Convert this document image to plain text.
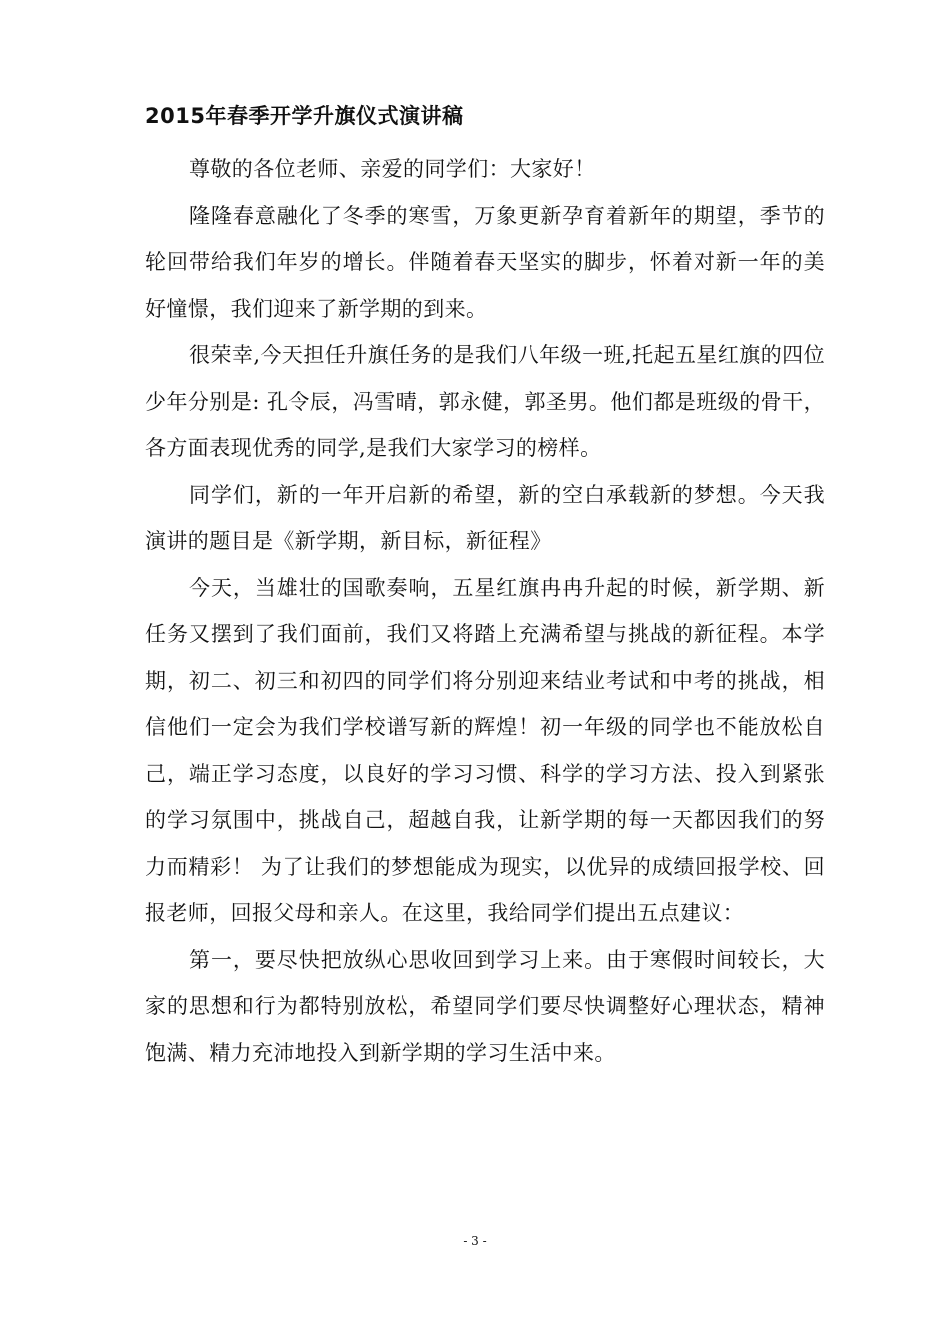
2015年春季开学升旗仪式演讲稿

尊敬的各位老师、亲爱的同学们：大家好！

隆隆春意融化了冬季的寒雪，万象更新孕育着新年的期望，季节的轮回带给我们年岁的增长。伴随着春天坚实的脚步，怀着对新一年的美好憧憬，我们迎来了新学期的到来。

很荣幸,今天担任升旗任务的是我们八年级一班,托起五星红旗的四位少年分别是: 孔令辰，冯雪晴，郭永健，郭圣男。他们都是班级的骨干，各方面表现优秀的同学,是我们大家学习的榜样。

同学们，新的一年开启新的希望，新的空白承载新的梦想。今天我演讲的题目是《新学期，新目标，新征程》

今天，当雄壮的国歌奏响，五星红旗冉冉升起的时候，新学期、新任务又摆到了我们面前，我们又将踏上充满希望与挑战的新征程。本学期，初二、初三和初四的同学们将分别迎来结业考试和中考的挑战，相信他们一定会为我们学校谱写新的辉煌！初一年级的同学也不能放松自己，端正学习态度，以良好的学习习惯、科学的学习方法、投入到紧张的学习氛围中，挑战自己，超越自我，让新学期的每一天都因我们的努力而精彩！ 为了让我们的梦想能成为现实，以优异的成绩回报学校、回报老师，回报父母和亲人。在这里，我给同学们提出五点建议：

第一，要尽快把放纵心思收回到学习上来。由于寒假时间较长，大家的思想和行为都特别放松，希望同学们要尽快调整好心理状态，精神饱满、精力充沛地投入到新学期的学习生活中来。

- 3 -
